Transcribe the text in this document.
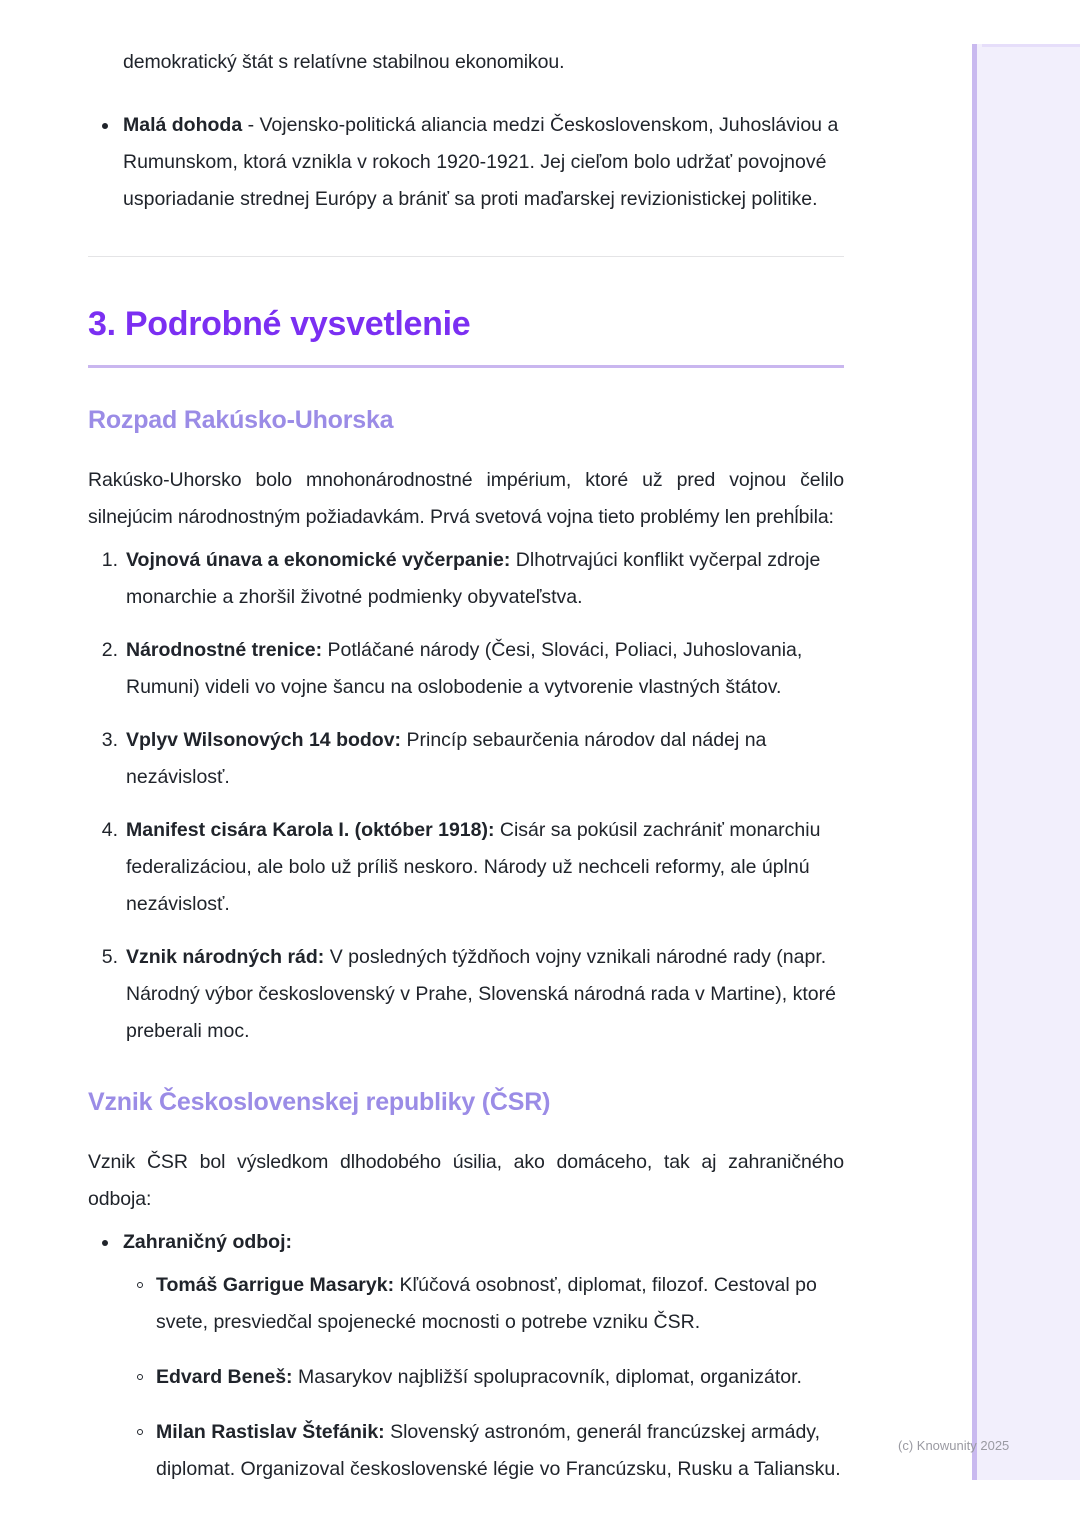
demokratický štát s relatívne stabilnou ekonomikou.

Malá dohoda - Vojensko-politická aliancia medzi Československom, Juhosláviou a Rumunskom, ktorá vznikla v rokoch 1920-1921. Jej cieľom bolo udržať povojnové usporiadanie strednej Európy a brániť sa proti maďarskej revizionistickej politike.
3. Podrobné vysvetlenie
Rozpad Rakúsko-Uhorska

Rakúsko-Uhorsko bolo mnohonárodnostné impérium, ktoré už pred vojnou čelilo silnejúcim národnostným požiadavkám. Prvá svetová vojna tieto problémy len prehĺbila:

Vojnová únava a ekonomické vyčerpanie: Dlhotrvajúci konflikt vyčerpal zdroje monarchie a zhoršil životné podmienky obyvateľstva.
Národnostné trenice: Potláčané národy (Česi, Slováci, Poliaci, Juhoslovania, Rumuni) videli vo vojne šancu na oslobodenie a vytvorenie vlastných štátov.
Vplyv Wilsonových 14 bodov: Princíp sebaurčenia národov dal nádej na nezávislosť.
Manifest cisára Karola I. (október 1918): Cisár sa pokúsil zachrániť monarchiu federalizáciou, ale bolo už príliš neskoro. Národy už nechceli reformy, ale úplnú nezávislosť.
Vznik národných rád: V posledných týždňoch vojny vznikali národné rady (napr. Národný výbor československý v Prahe, Slovenská národná rada v Martine), ktoré preberali moc.
Vznik Československej republiky (ČSR)

Vznik ČSR bol výsledkom dlhodobého úsilia, ako domáceho, tak aj zahraničného odboja:

Zahraničný odboj:
Tomáš Garrigue Masaryk: Kľúčová osobnosť, diplomat, filozof. Cestoval po svete, presviedčal spojenecké mocnosti o potrebe vzniku ČSR.
Edvard Beneš: Masarykov najbližší spolupracovník, diplomat, organizátor.
Milan Rastislav Štefánik: Slovenský astronóm, generál francúzskej armády, diplomat. Organizoval československé légie vo Francúzsku, Rusku a Taliansku.
(c) Knowunity 2025
